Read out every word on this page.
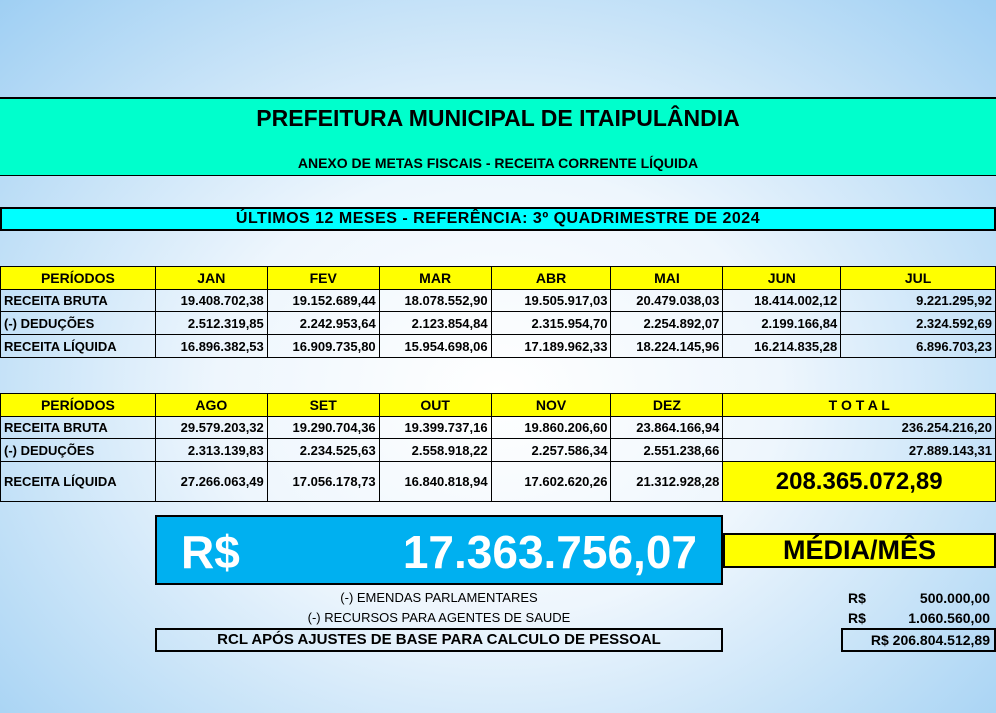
PREFEITURA MUNICIPAL DE ITAIPULÂNDIA
ANEXO DE METAS FISCAIS - RECEITA CORRENTE LÍQUIDA
ÚLTIMOS 12 MESES - REFERÊNCIA: 3º QUADRIMESTRE DE 2024
PERÍODOS	JAN	FEV	MAR	ABR	MAI	JUN	JUL
RECEITA BRUTA	19.408.702,38	19.152.689,44	18.078.552,90	19.505.917,03	20.479.038,03	18.414.002,12	9.221.295,92
(-) DEDUÇÕES	2.512.319,85	2.242.953,64	2.123.854,84	2.315.954,70	2.254.892,07	2.199.166,84	2.324.592,69
RECEITA LÍQUIDA	16.896.382,53	16.909.735,80	15.954.698,06	17.189.962,33	18.224.145,96	16.214.835,28	6.896.703,23
PERÍODOS	AGO	SET	OUT	NOV	DEZ	T O T A L
RECEITA BRUTA	29.579.203,32	19.290.704,36	19.399.737,16	19.860.206,60	23.864.166,94	236.254.216,20
(-) DEDUÇÕES	2.313.139,83	2.234.525,63	2.558.918,22	2.257.586,34	2.551.238,66	27.889.143,31
RECEITA LÍQUIDA	27.266.063,49	17.056.178,73	16.840.818,94	17.602.620,26	21.312.928,28	208.365.072,89
R$	17.363.756,07	MÉDIA/MÊS
(-) EMENDAS PARLAMENTARES	R$	500.000,00
(-) RECURSOS PARA AGENTES DE SAUDE	R$	1.060.560,00
RCL APÓS AJUSTES DE BASE PARA CALCULO DE PESSOAL	R$ 206.804.512,89
